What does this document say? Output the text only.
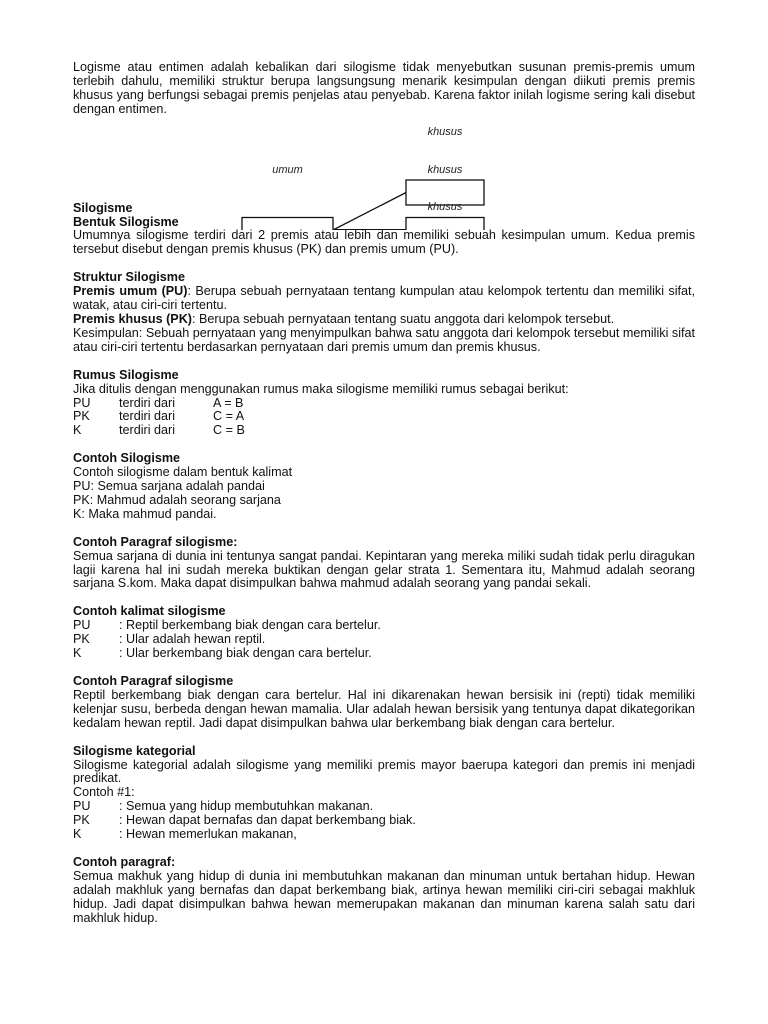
Logisme atau entimen adalah kebalikan dari silogisme tidak menyebutkan susunan premis-premis umum terlebih dahulu, memiliki struktur berupa langsungsung menarik kesimpulan dengan diikuti premis premis khusus yang berfungsi sebagai premis penjelas atau penyebab. Karena faktor inilah logisme sering kali disebut dengan entimen.

Silogisme

Bentuk Silogisme

Umumnya silogisme terdiri dari 2 premis atau lebih dan memiliki sebuah kesimpulan umum. Kedua premis tersebut disebut dengan premis khusus (PK) dan premis umum (PU).

Struktur Silogisme

Premis umum (PU): Berupa sebuah pernyataan tentang kumpulan atau kelompok tertentu dan memiliki sifat, watak, atau ciri-ciri tertentu.

Premis khusus (PK): Berupa sebuah pernyataan tentang suatu anggota dari kelompok tersebut.

Kesimpulan: Sebuah pernyataan yang menyimpulkan bahwa satu anggota dari kelompok tersebut memiliki sifat atau ciri-ciri tertentu berdasarkan pernyataan dari premis umum dan premis khusus.

Rumus Silogisme

Jika ditulis dengan menggunakan rumus maka silogisme memiliki rumus sebagai berikut:

PU	terdiri dari	A = B
PK	terdiri dari	C = A
K	terdiri dari	C = B

Contoh Silogisme

Contoh silogisme dalam bentuk kalimat

PU: Semua sarjana adalah pandai

PK: Mahmud adalah seorang sarjana

K: Maka mahmud pandai.

Contoh Paragraf silogisme:

Semua sarjana di dunia ini tentunya sangat pandai. Kepintaran yang mereka miliki sudah tidak perlu diragukan lagii karena hal ini sudah mereka buktikan dengan gelar strata 1. Sementara itu, Mahmud adalah seorang sarjana S.kom. Maka dapat disimpulkan bahwa mahmud adalah seorang yang pandai sekali.

Contoh kalimat silogisme

PU	: Reptil berkembang biak dengan cara bertelur.
PK	: Ular adalah hewan reptil.
K	: Ular berkembang biak dengan cara bertelur.

Contoh Paragraf silogisme

Reptil berkembang biak dengan cara bertelur. Hal ini dikarenakan hewan bersisik ini (repti) tidak memiliki kelenjar susu, berbeda dengan hewan mamalia. Ular adalah hewan bersisik yang tentunya dapat dikategorikan kedalam hewan reptil. Jadi dapat disimpulkan bahwa ular berkembang biak dengan cara bertelur.

Silogisme kategorial

Silogisme kategorial adalah silogisme yang memiliki premis mayor baerupa kategori dan premis ini menjadi predikat.

Contoh #1:

PU	: Semua yang hidup membutuhkan makanan.
PK	: Hewan dapat bernafas dan dapat berkembang biak.
K	: Hewan memerlukan makanan,

Contoh paragraf:

Semua makhuk yang hidup di dunia ini membutuhkan makanan dan minuman untuk bertahan hidup. Hewan adalah makhluk yang bernafas dan dapat berkembang biak, artinya hewan memiliki ciri-ciri sebagai makhluk hidup. Jadi dapat disimpulkan bahwa hewan memerupakan makanan dan minuman karena salah satu dari makhluk hidup.

umum
khusus
khusus
khusus
